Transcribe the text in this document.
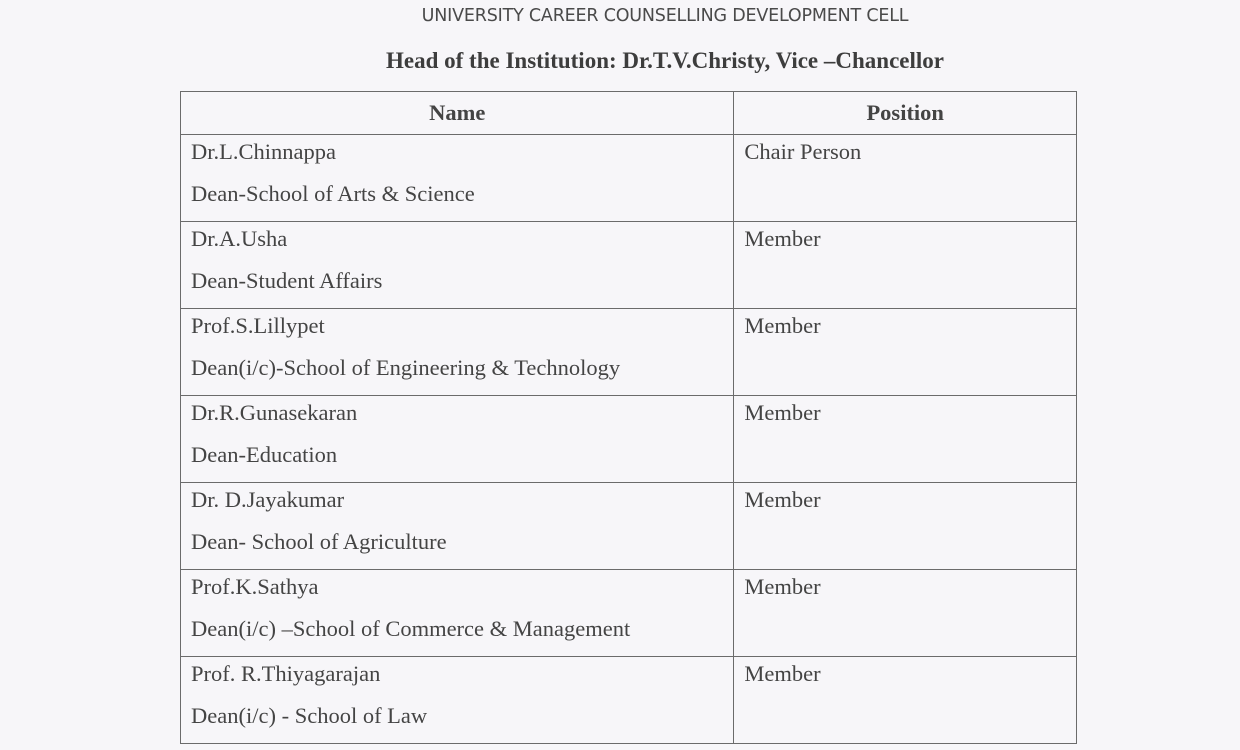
UNIVERSITY CAREER COUNSELLING DEVELOPMENT CELL
Head of the Institution: Dr.T.V.Christy, Vice –Chancellor
Name	Position

Dr.L.Chinnappa
Dean-School of Arts & Science	Chair Person

Dr.A.Usha
Dean-Student Affairs	Member

Prof.S.Lillypet
Dean(i/c)-School of Engineering & Technology	Member

Dr.R.Gunasekaran
Dean-Education	Member

Dr. D.Jayakumar
Dean- School of Agriculture	Member

Prof.K.Sathya
Dean(i/c) –School of Commerce & Management	Member

Prof. R.Thiyagarajan
Dean(i/c) - School of Law	Member
